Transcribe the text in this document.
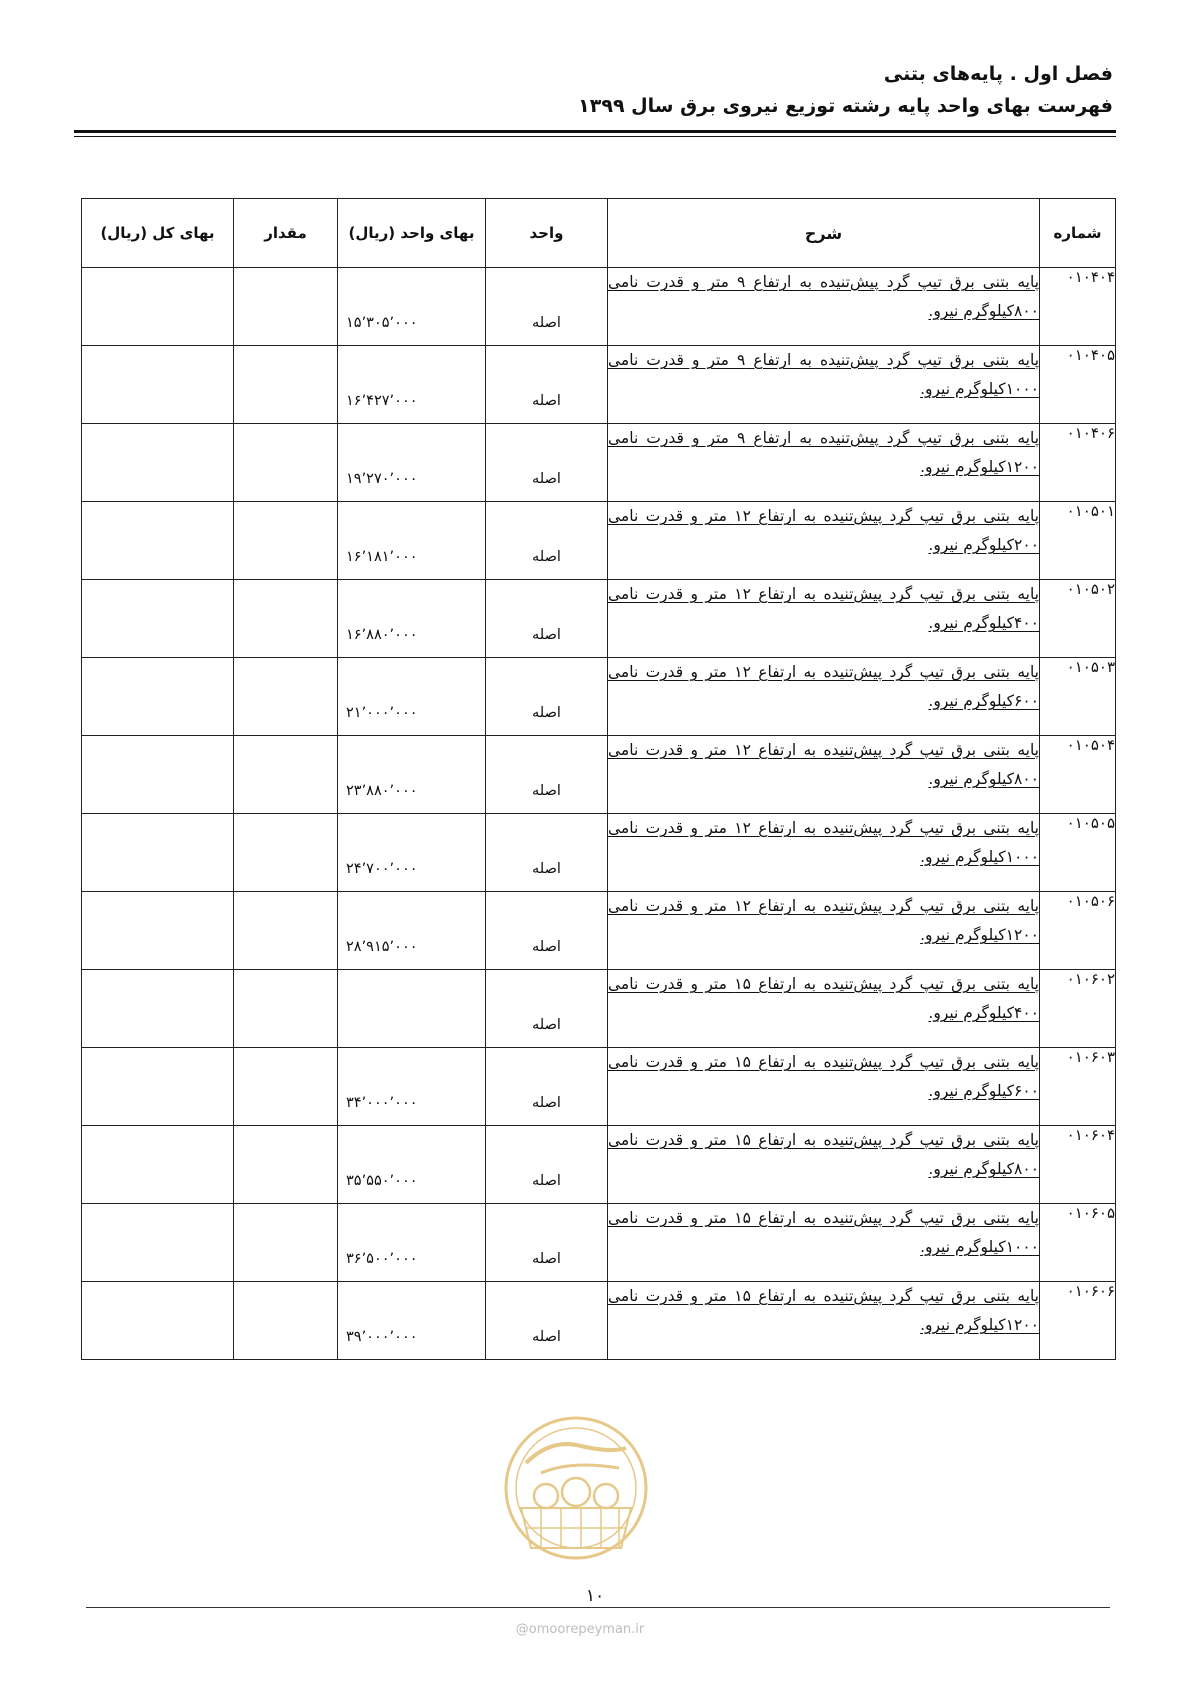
فصل اول . پایه‌های بتنی
فهرست بهای واحد پایه رشته توزیع نیروی برق سال ۱۳۹۹
شماره	شرح	واحد	بهای واحد (ریال)	مقدار	بهای کل (ریال)

۰۱۰۴۰۴	پایه بتنی برق تیپ گرد پیش‌تنیده به ارتفاع ۹ متر و قدرت نامی ۸۰۰کیلوگرم نیرو.	اصله	۱۵٬۳۰۵٬۰۰۰		

۰۱۰۴۰۵	پایه بتنی برق تیپ گرد پیش‌تنیده به ارتفاع ۹ متر و قدرت نامی ۱۰۰۰کیلوگرم نیرو.	اصله	۱۶٬۴۲۷٬۰۰۰		

۰۱۰۴۰۶	پایه بتنی برق تیپ گرد پیش‌تنیده به ارتفاع ۹ متر و قدرت نامی ۱۲۰۰کیلوگرم نیرو.	اصله	۱۹٬۲۷۰٬۰۰۰		

۰۱۰۵۰۱	پایه بتنی برق تیپ گرد پیش‌تنیده به ارتفاع ۱۲ متر و قدرت نامی ۲۰۰کیلوگرم نیرو.	اصله	۱۶٬۱۸۱٬۰۰۰		

۰۱۰۵۰۲	پایه بتنی برق تیپ گرد پیش‌تنیده به ارتفاع ۱۲ متر و قدرت نامی ۴۰۰کیلوگرم نیرو.	اصله	۱۶٬۸۸۰٬۰۰۰		

۰۱۰۵۰۳	پایه بتنی برق تیپ گرد پیش‌تنیده به ارتفاع ۱۲ متر و قدرت نامی ۶۰۰کیلوگرم نیرو.	اصله	۲۱٬۰۰۰٬۰۰۰		

۰۱۰۵۰۴	پایه بتنی برق تیپ گرد پیش‌تنیده به ارتفاع ۱۲ متر و قدرت نامی ۸۰۰کیلوگرم نیرو.	اصله	۲۳٬۸۸۰٬۰۰۰		

۰۱۰۵۰۵	پایه بتنی برق تیپ گرد پیش‌تنیده به ارتفاع ۱۲ متر و قدرت نامی ۱۰۰۰کیلوگرم نیرو.	اصله	۲۴٬۷۰۰٬۰۰۰		

۰۱۰۵۰۶	پایه بتنی برق تیپ گرد پیش‌تنیده به ارتفاع ۱۲ متر و قدرت نامی ۱۲۰۰کیلوگرم نیرو.	اصله	۲۸٬۹۱۵٬۰۰۰		

۰۱۰۶۰۲	پایه بتنی برق تیپ گرد پیش‌تنیده به ارتفاع ۱۵ متر و قدرت نامی ۴۰۰کیلوگرم نیرو.	اصله			

۰۱۰۶۰۳	پایه بتنی برق تیپ گرد پیش‌تنیده به ارتفاع ۱۵ متر و قدرت نامی ۶۰۰کیلوگرم نیرو.	اصله	۳۴٬۰۰۰٬۰۰۰		

۰۱۰۶۰۴	پایه بتنی برق تیپ گرد پیش‌تنیده به ارتفاع ۱۵ متر و قدرت نامی ۸۰۰کیلوگرم نیرو.	اصله	۳۵٬۵۵۰٬۰۰۰		

۰۱۰۶۰۵	پایه بتنی برق تیپ گرد پیش‌تنیده به ارتفاع ۱۵ متر و قدرت نامی ۱۰۰۰کیلوگرم نیرو.	اصله	۳۶٬۵۰۰٬۰۰۰		

۰۱۰۶۰۶	پایه بتنی برق تیپ گرد پیش‌تنیده به ارتفاع ۱۵ متر و قدرت نامی ۱۲۰۰کیلوگرم نیرو.	اصله	۳۹٬۰۰۰٬۰۰۰		

۱۰
@omoorepeyman.ir
